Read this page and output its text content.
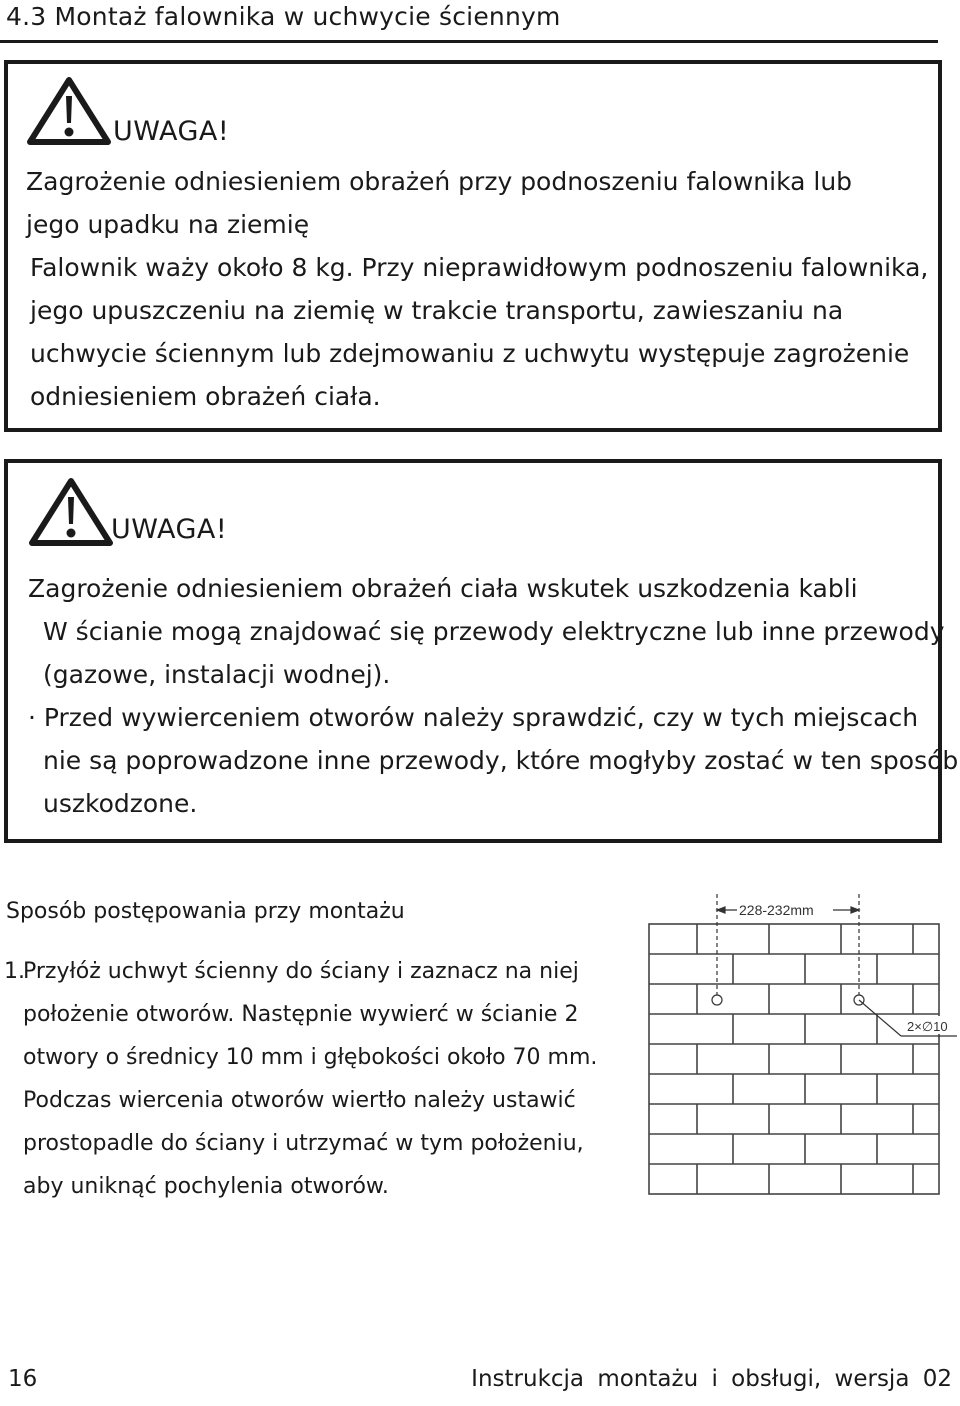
4.3 Montaż falownika w uchwycie ściennym
UWAGA!

Zagrożenie odniesieniem obrażeń przy podnoszeniu falownika lub jego upadku na ziemię

Falownik waży około 8 kg. Przy nieprawidłowym podnoszeniu falownika, jego upuszczeniu na ziemię w trakcie transportu, zawieszaniu na uchwycie ściennym lub zdejmowaniu z uchwytu występuje zagrożenie odniesieniem obrażeń ciała.

UWAGA!

Zagrożenie odniesieniem obrażeń ciała wskutek uszkodzenia kabli

W ścianie mogą znajdować się przewody elektryczne lub inne przewody

(gazowe, instalacji wodnej).

· Przed wywierceniem otworów należy sprawdzić, czy w tych miejscach

nie są poprowadzone inne przewody, które mogłyby zostać w ten sposób

uszkodzone.

Sposób postępowania przy montażu
1.
Przyłóż uchwyt ścienny do ściany i zaznacz na niej położenie otworów. Następnie wywierć w ścianie 2 otwory o średnicy 10 mm i głębokości około 70 mm. Podczas wiercenia otworów wiertło należy ustawić prostopadle do ściany i utrzymać w tym położeniu, aby uniknąć pochylenia otworów.
228-232mm
2×∅10
16	Instrukcja montażu i obsługi, wersja 02
